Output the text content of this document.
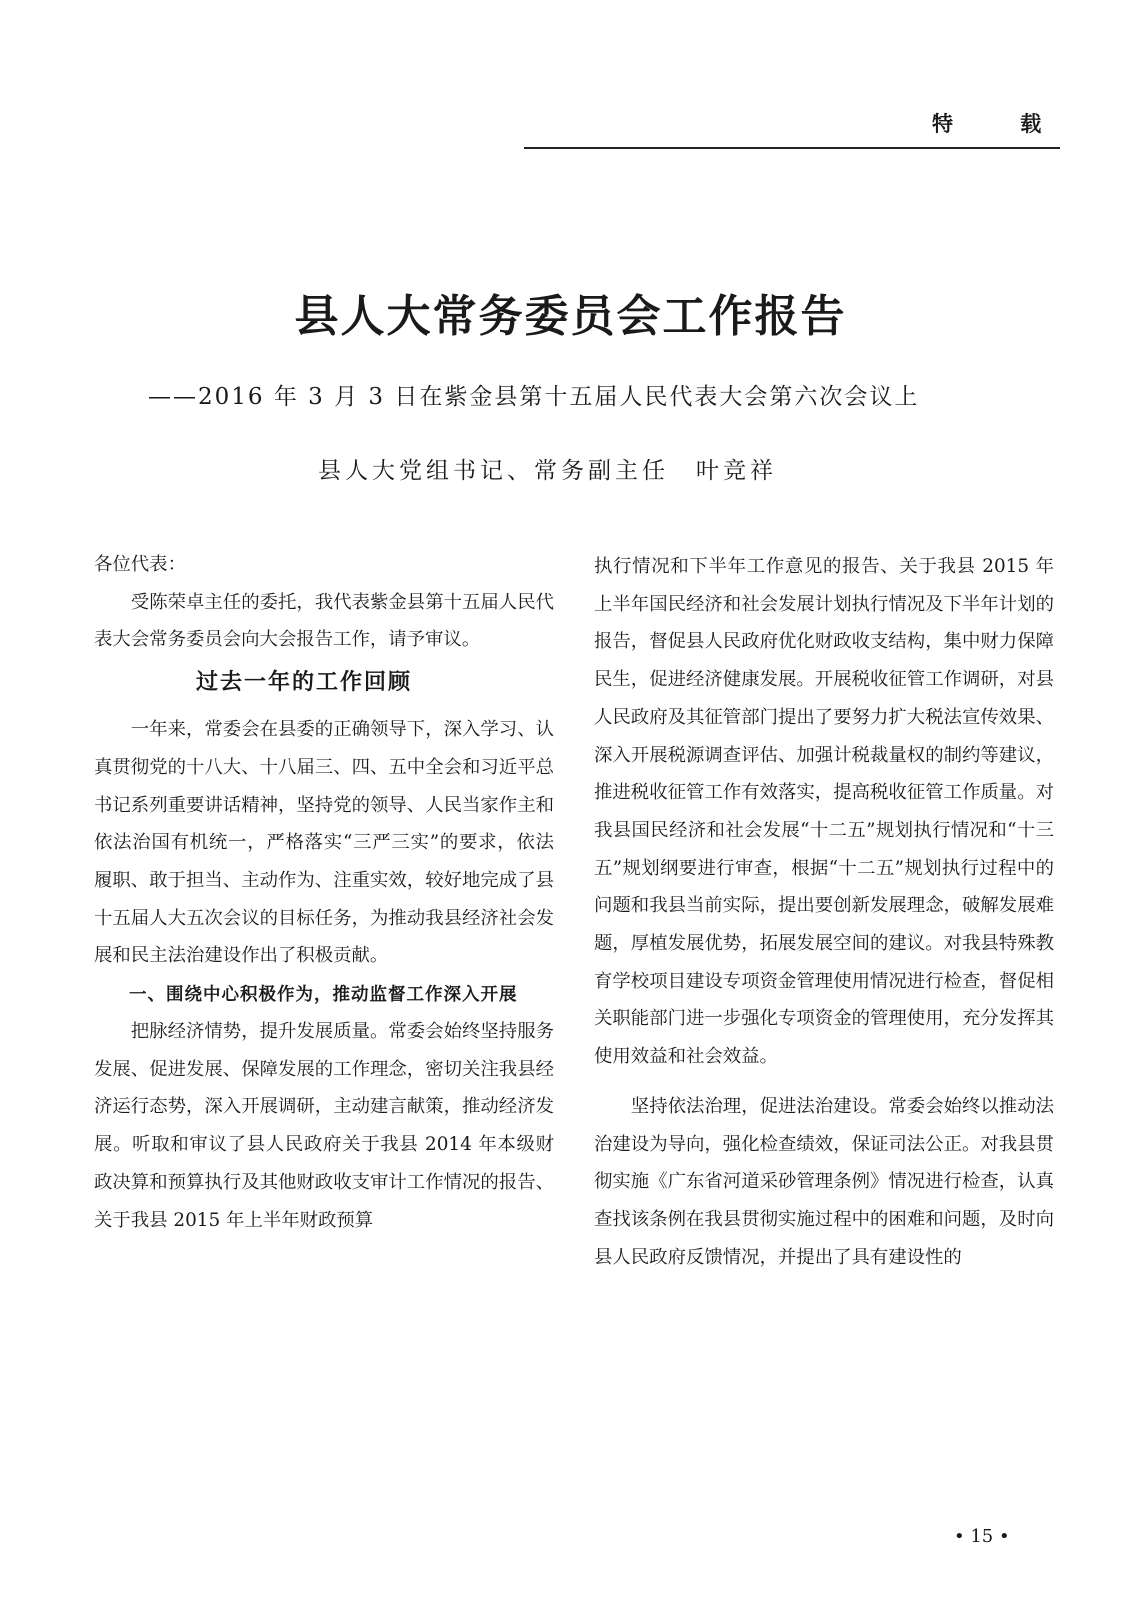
特 载
县人大常务委员会工作报告
——2016 年 3 月 3 日在紫金县第十五届人民代表大会第六次会议上
县人大党组书记、常务副主任　叶竞祥

各位代表：

受陈荣卓主任的委托，我代表紫金县第十五届人民代表大会常务委员会向大会报告工作，请予审议。

过去一年的工作回顾

一年来，常委会在县委的正确领导下，深入学习、认真贯彻党的十八大、十八届三、四、五中全会和习近平总书记系列重要讲话精神，坚持党的领导、人民当家作主和依法治国有机统一，严格落实“三严三实”的要求，依法履职、敢于担当、主动作为、注重实效，较好地完成了县十五届人大五次会议的目标任务，为推动我县经济社会发展和民主法治建设作出了积极贡献。

一、围绕中心积极作为，推动监督工作深入开展

把脉经济情势，提升发展质量。常委会始终坚持服务发展、促进发展、保障发展的工作理念，密切关注我县经济运行态势，深入开展调研，主动建言献策，推动经济发展。听取和审议了县人民政府关于我县 2014 年本级财政决算和预算执行及其他财政收支审计工作情况的报告、关于我县 2015 年上半年财政预算

执行情况和下半年工作意见的报告、关于我县 2015 年上半年国民经济和社会发展计划执行情况及下半年计划的报告，督促县人民政府优化财政收支结构，集中财力保障民生，促进经济健康发展。开展税收征管工作调研，对县人民政府及其征管部门提出了要努力扩大税法宣传效果、深入开展税源调查评估、加强计税裁量权的制约等建议，推进税收征管工作有效落实，提高税收征管工作质量。对我县国民经济和社会发展“十二五”规划执行情况和“十三五”规划纲要进行审查，根据“十二五”规划执行过程中的问题和我县当前实际，提出要创新发展理念，破解发展难题，厚植发展优势，拓展发展空间的建议。对我县特殊教育学校项目建设专项资金管理使用情况进行检查，督促相关职能部门进一步强化专项资金的管理使用，充分发挥其使用效益和社会效益。

坚持依法治理，促进法治建设。常委会始终以推动法治建设为导向，强化检查绩效，保证司法公正。对我县贯彻实施《广东省河道采砂管理条例》情况进行检查，认真查找该条例在我县贯彻实施过程中的困难和问题，及时向县人民政府反馈情况，并提出了具有建设性的

• 15 •
